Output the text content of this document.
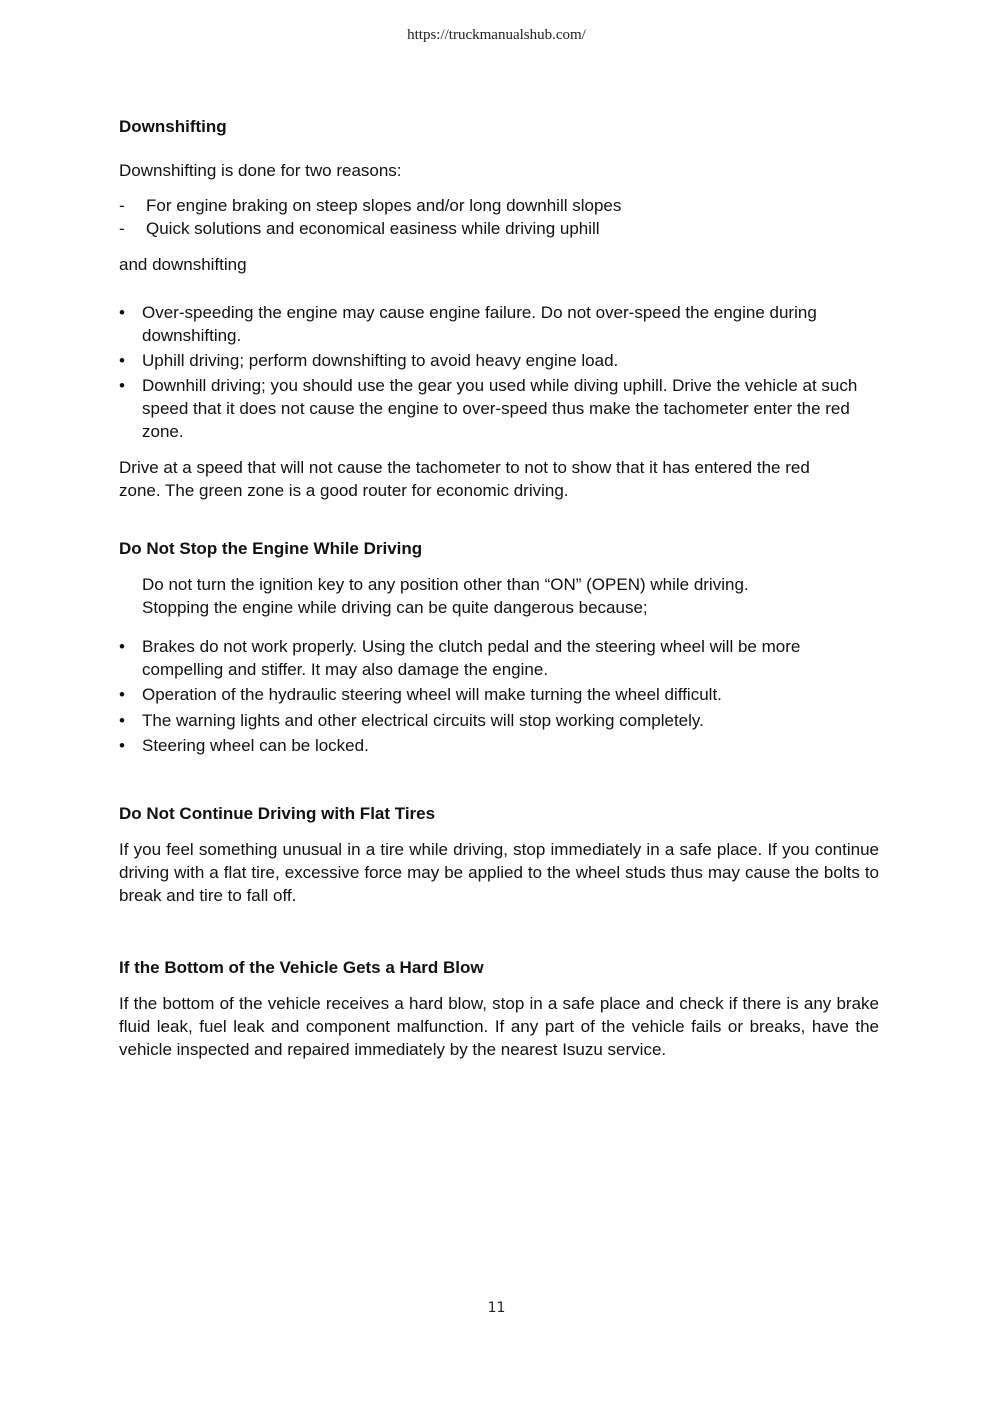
https://truckmanualshub.com/
Downshifting
Downshifting is done for two reasons:
- For engine braking on steep slopes and/or long downhill slopes
- Quick solutions and economical easiness while driving uphill
and downshifting
•	Over-speeding the engine may cause engine failure. Do not over-speed the engine during downshifting.
•	Uphill driving; perform downshifting to avoid heavy engine load.
•	Downhill driving; you should use the gear you used while diving uphill. Drive the vehicle at such speed that it does not cause the engine to over-speed thus make the tachometer enter the red zone.
Drive at a speed that will not cause the tachometer to not to show that it has entered the red zone. The green zone is a good router for economic driving.
Do Not Stop the Engine While Driving
Do not turn the ignition key to any position other than “ON” (OPEN) while driving. Stopping the engine while driving can be quite dangerous because;
•	Brakes do not work properly. Using the clutch pedal and the steering wheel will be more compelling and stiffer. It may also damage the engine.
•	Operation of the hydraulic steering wheel will make turning the wheel difficult.
•	The warning lights and other electrical circuits will stop working completely.
•	Steering wheel can be locked.
Do Not Continue Driving with Flat Tires
If you feel something unusual in a tire while driving, stop immediately in a safe place. If you continue driving with a flat tire, excessive force may be applied to the wheel studs thus may cause the bolts to break and tire to fall off.
If the Bottom of the Vehicle Gets a Hard Blow
If the bottom of the vehicle receives a hard blow, stop in a safe place and check if there is any brake fluid leak, fuel leak and component malfunction. If any part of the vehicle fails or breaks, have the vehicle inspected and repaired immediately by the nearest Isuzu service.
11
